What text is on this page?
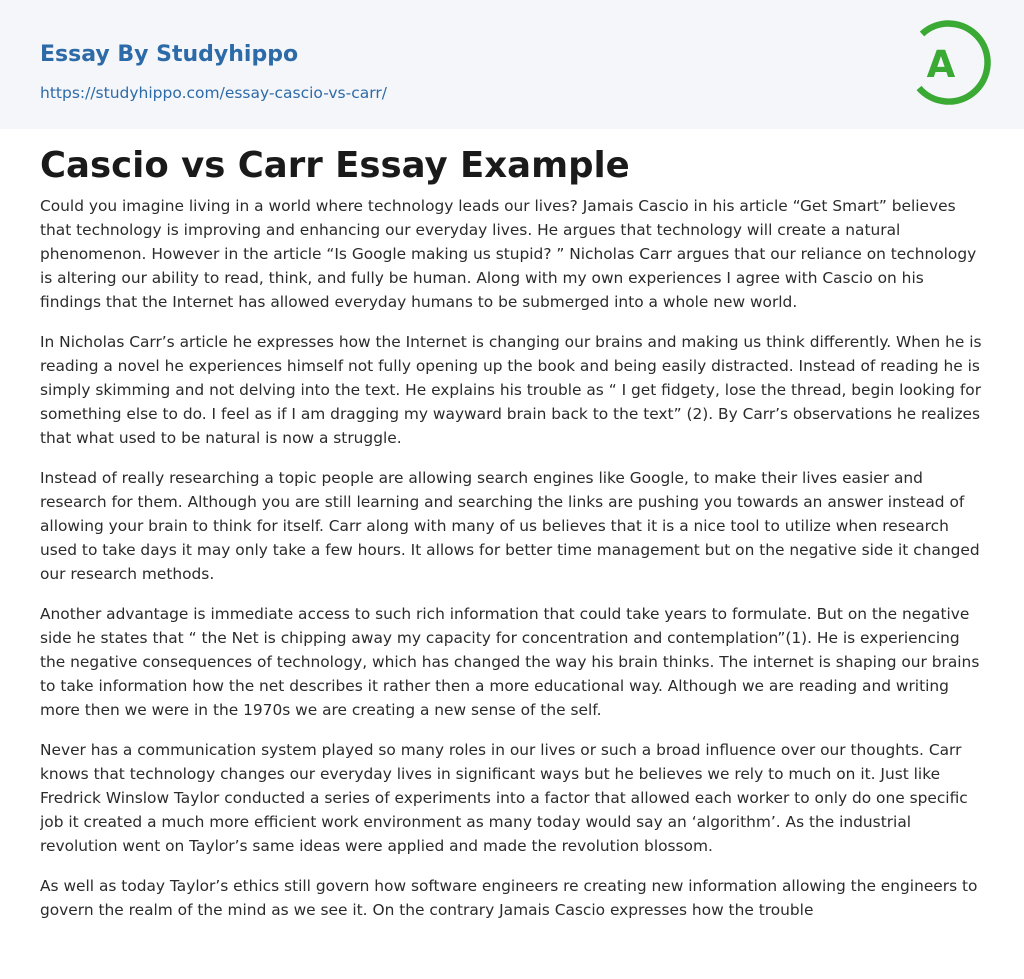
Essay By Studyhippo
https://studyhippo.com/essay-cascio-vs-carr/
A
Cascio vs Carr Essay Example

Could you imagine living in a world where technology leads our lives? Jamais Cascio in his article “Get Smart” believes that technology is improving and enhancing our everyday lives. He argues that technology will create a natural phenomenon. However in the article “Is Google making us stupid? ” Nicholas Carr argues that our reliance on technology is altering our ability to read, think, and fully be human. Along with my own experiences I agree with Cascio on his findings that the Internet has allowed everyday humans to be submerged into a whole new world.

In Nicholas Carr’s article he expresses how the Internet is changing our brains and making us think differently. When he is reading a novel he experiences himself not fully opening up the book and being easily distracted. Instead of reading he is simply skimming and not delving into the text. He explains his trouble as “ I get fidgety, lose the thread, begin looking for something else to do. I feel as if I am dragging my wayward brain back to the text” (2). By Carr’s observations he realizes that what used to be natural is now a struggle.

Instead of really researching a topic people are allowing search engines like Google, to make their lives easier and research for them. Although you are still learning and searching the links are pushing you towards an answer instead of allowing your brain to think for itself. Carr along with many of us believes that it is a nice tool to utilize when research used to take days it may only take a few hours. It allows for better time management but on the negative side it changed our research methods.

Another advantage is immediate access to such rich information that could take years to formulate. But on the negative side he states that “ the Net is chipping away my capacity for concentration and contemplation”(1). He is experiencing the negative consequences of technology, which has changed the way his brain thinks. The internet is shaping our brains to take information how the net describes it rather then a more educational way. Although we are reading and writing more then we were in the 1970s we are creating a new sense of the self.

Never has a communication system played so many roles in our lives or such a broad influence over our thoughts. Carr knows that technology changes our everyday lives in significant ways but he believes we rely to much on it. Just like Fredrick Winslow Taylor conducted a series of experiments into a factor that allowed each worker to only do one specific job it created a much more efficient work environment as many today would say an ‘algorithm’. As the industrial revolution went on Taylor’s same ideas were applied and made the revolution blossom.

As well as today Taylor’s ethics still govern how software engineers re creating new information allowing the engineers to govern the realm of the mind as we see it. On the contrary Jamais Cascio expresses how the trouble
